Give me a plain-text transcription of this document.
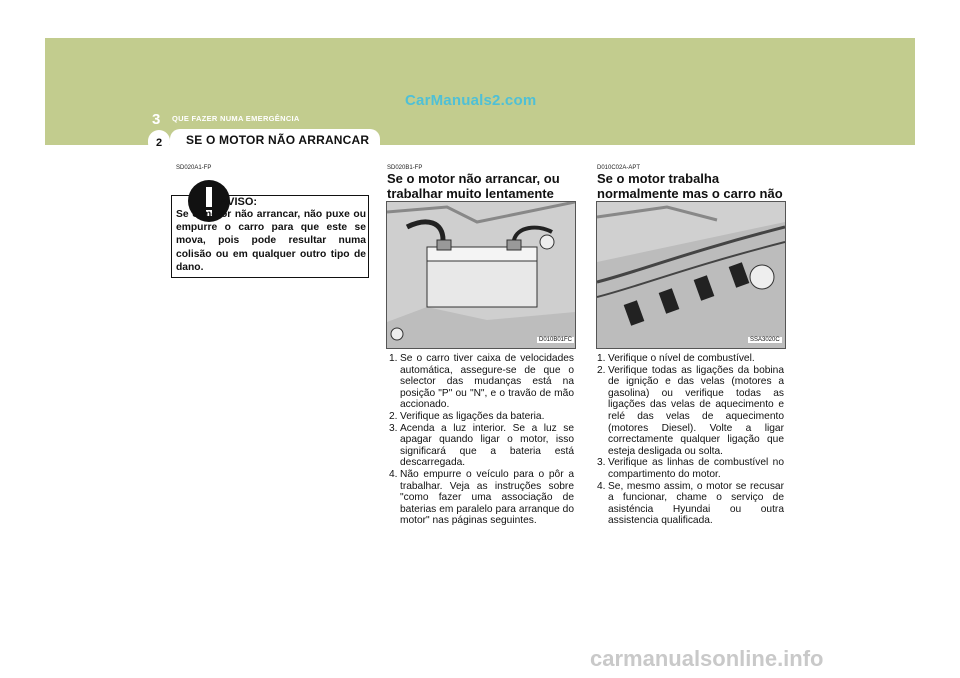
CarManuals2.com
3 QUE FAZER NUMA EMERGÊNCIA
SE O MOTOR NÃO ARRANCAR
2
SD020A1-FP
AVISO:
Se o motor não arrancar, não puxe ou empurre o carro para que este se mova, pois pode resultar numa colisão ou em qualquer outro tipo de dano.
SD020B1-FP
Se o motor não arrancar, ou trabalhar muito lentamente
D010B01FC
1. Se o carro tiver caixa de velocidades automática, assegure-se de que o selector das mudanças está na posição "P" ou "N", e o travão de mão accionado.
2. Verifique as ligações da bateria.
3. Acenda a luz interior. Se a luz se apagar quando ligar o motor, isso significará que a bateria está descarregada.
4. Não empurre o veículo para o pôr a trabalhar. Veja as instruções sobre "como fazer uma associação de baterias em paralelo para arranque do motor" nas páginas seguintes.
D010C02A-APT
Se o motor trabalha normalmente mas o carro não
SSA3020C
1. Verifique o nível de combustível.
2. Verifique todas as ligações da bobina de ignição e das velas (motores a gasolina) ou verifique todas as ligações das velas de aquecimento e relé das velas de aquecimento (motores Diesel). Volte a ligar correctamente qualquer ligação que esteja desligada ou solta.
3. Verifique as linhas de combustível no compartimento do motor.
4. Se, mesmo assim, o motor se recusar a funcionar, chame o serviço de asisténcia Hyundai ou outra assistencia qualificada.
carmanualsonline.info
